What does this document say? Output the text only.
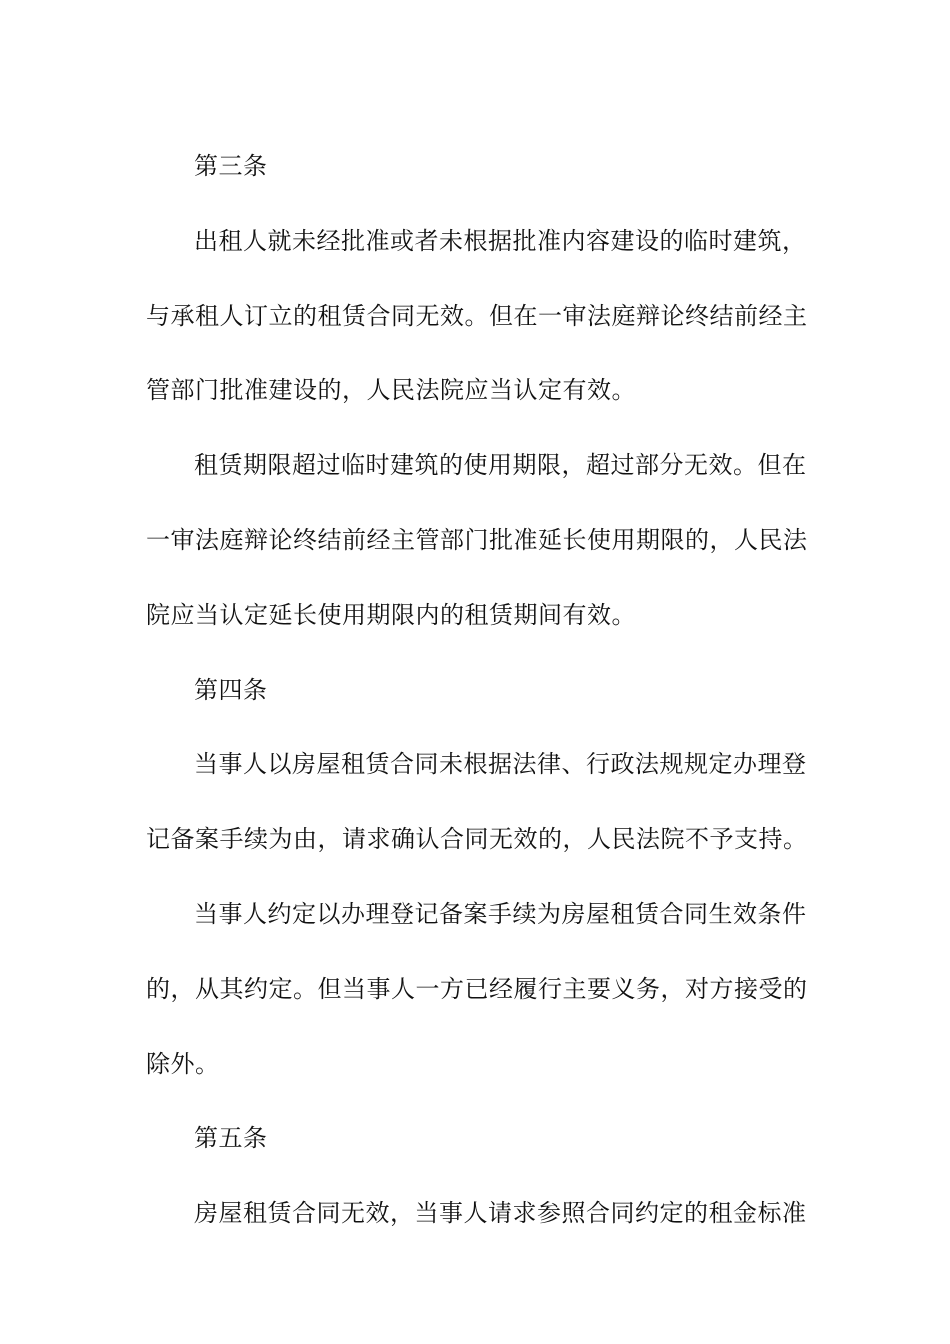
第三条
出租人就未经批准或者未根据批准内容建设的临时建筑，
与承租人订立的租赁合同无效。但在一审法庭辩论终结前经主
管部门批准建设的，人民法院应当认定有效。
租赁期限超过临时建筑的使用期限，超过部分无效。但在
一审法庭辩论终结前经主管部门批准延长使用期限的，人民法
院应当认定延长使用期限内的租赁期间有效。
第四条
当事人以房屋租赁合同未根据法律、行政法规规定办理登
记备案手续为由，请求确认合同无效的，人民法院不予支持。
当事人约定以办理登记备案手续为房屋租赁合同生效条件
的，从其约定。但当事人一方已经履行主要义务，对方接受的
除外。
第五条
房屋租赁合同无效，当事人请求参照合同约定的租金标准
